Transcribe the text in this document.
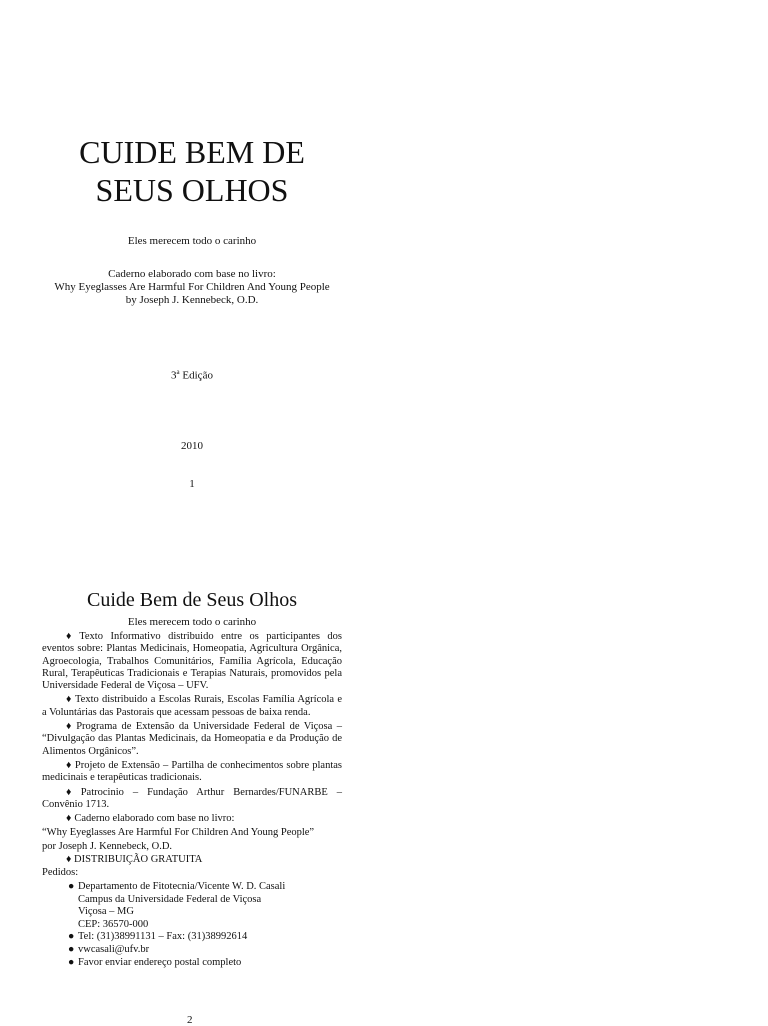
CUIDE BEM DE
SEUS OLHOS
Eles merecem todo o carinho
Caderno elaborado com base no livro:
Why Eyeglasses Are Harmful For Children And Young People
by Joseph J. Kennebeck, O.D.
3$^a$ Edição
2010
1
Cuide Bem de Seus Olhos
Eles merecem todo o carinho

♦ Texto Informativo distribuido entre os participantes dos eventos sobre: Plantas Medicinais, Homeopatia, Agricultura Orgânica, Agroecologia, Trabalhos Comunitários, Família Agrícola, Educação Rural, Terapêuticas Tradicionais e Terapias Naturais, promovidos pela Universidade Federal de Viçosa – UFV.

♦ Texto distribuido a Escolas Rurais, Escolas Família Agrícola e a Voluntárias das Pastorais que acessam pessoas de baixa renda.

♦ Programa de Extensão da Universidade Federal de Viçosa – “Divulgação das Plantas Medicinais, da Homeopatia e da Produção de Alimentos Orgânicos”.

♦ Projeto de Extensão – Partilha de conhecimentos sobre plantas medicinais e terapêuticas tradicionais.

♦ Patrocinio – Fundação Arthur Bernardes/FUNARBE – Convênio 1713.

♦ Caderno elaborado com base no livro:

“Why Eyeglasses Are Harmful For Children And Young People”
por Joseph J. Kennebeck, O.D.
♦ DISTRIBUIÇÃO GRATUITA
Pedidos:
● Departamento de Fitotecnia/Vicente W. D. Casali
Campus da Universidade Federal de Viçosa
Viçosa – MG
CEP: 36570-000
● Tel: (31)38991131 – Fax: (31)38992614
● vwcasali@ufv.br
● Favor enviar endereço postal completo
2
